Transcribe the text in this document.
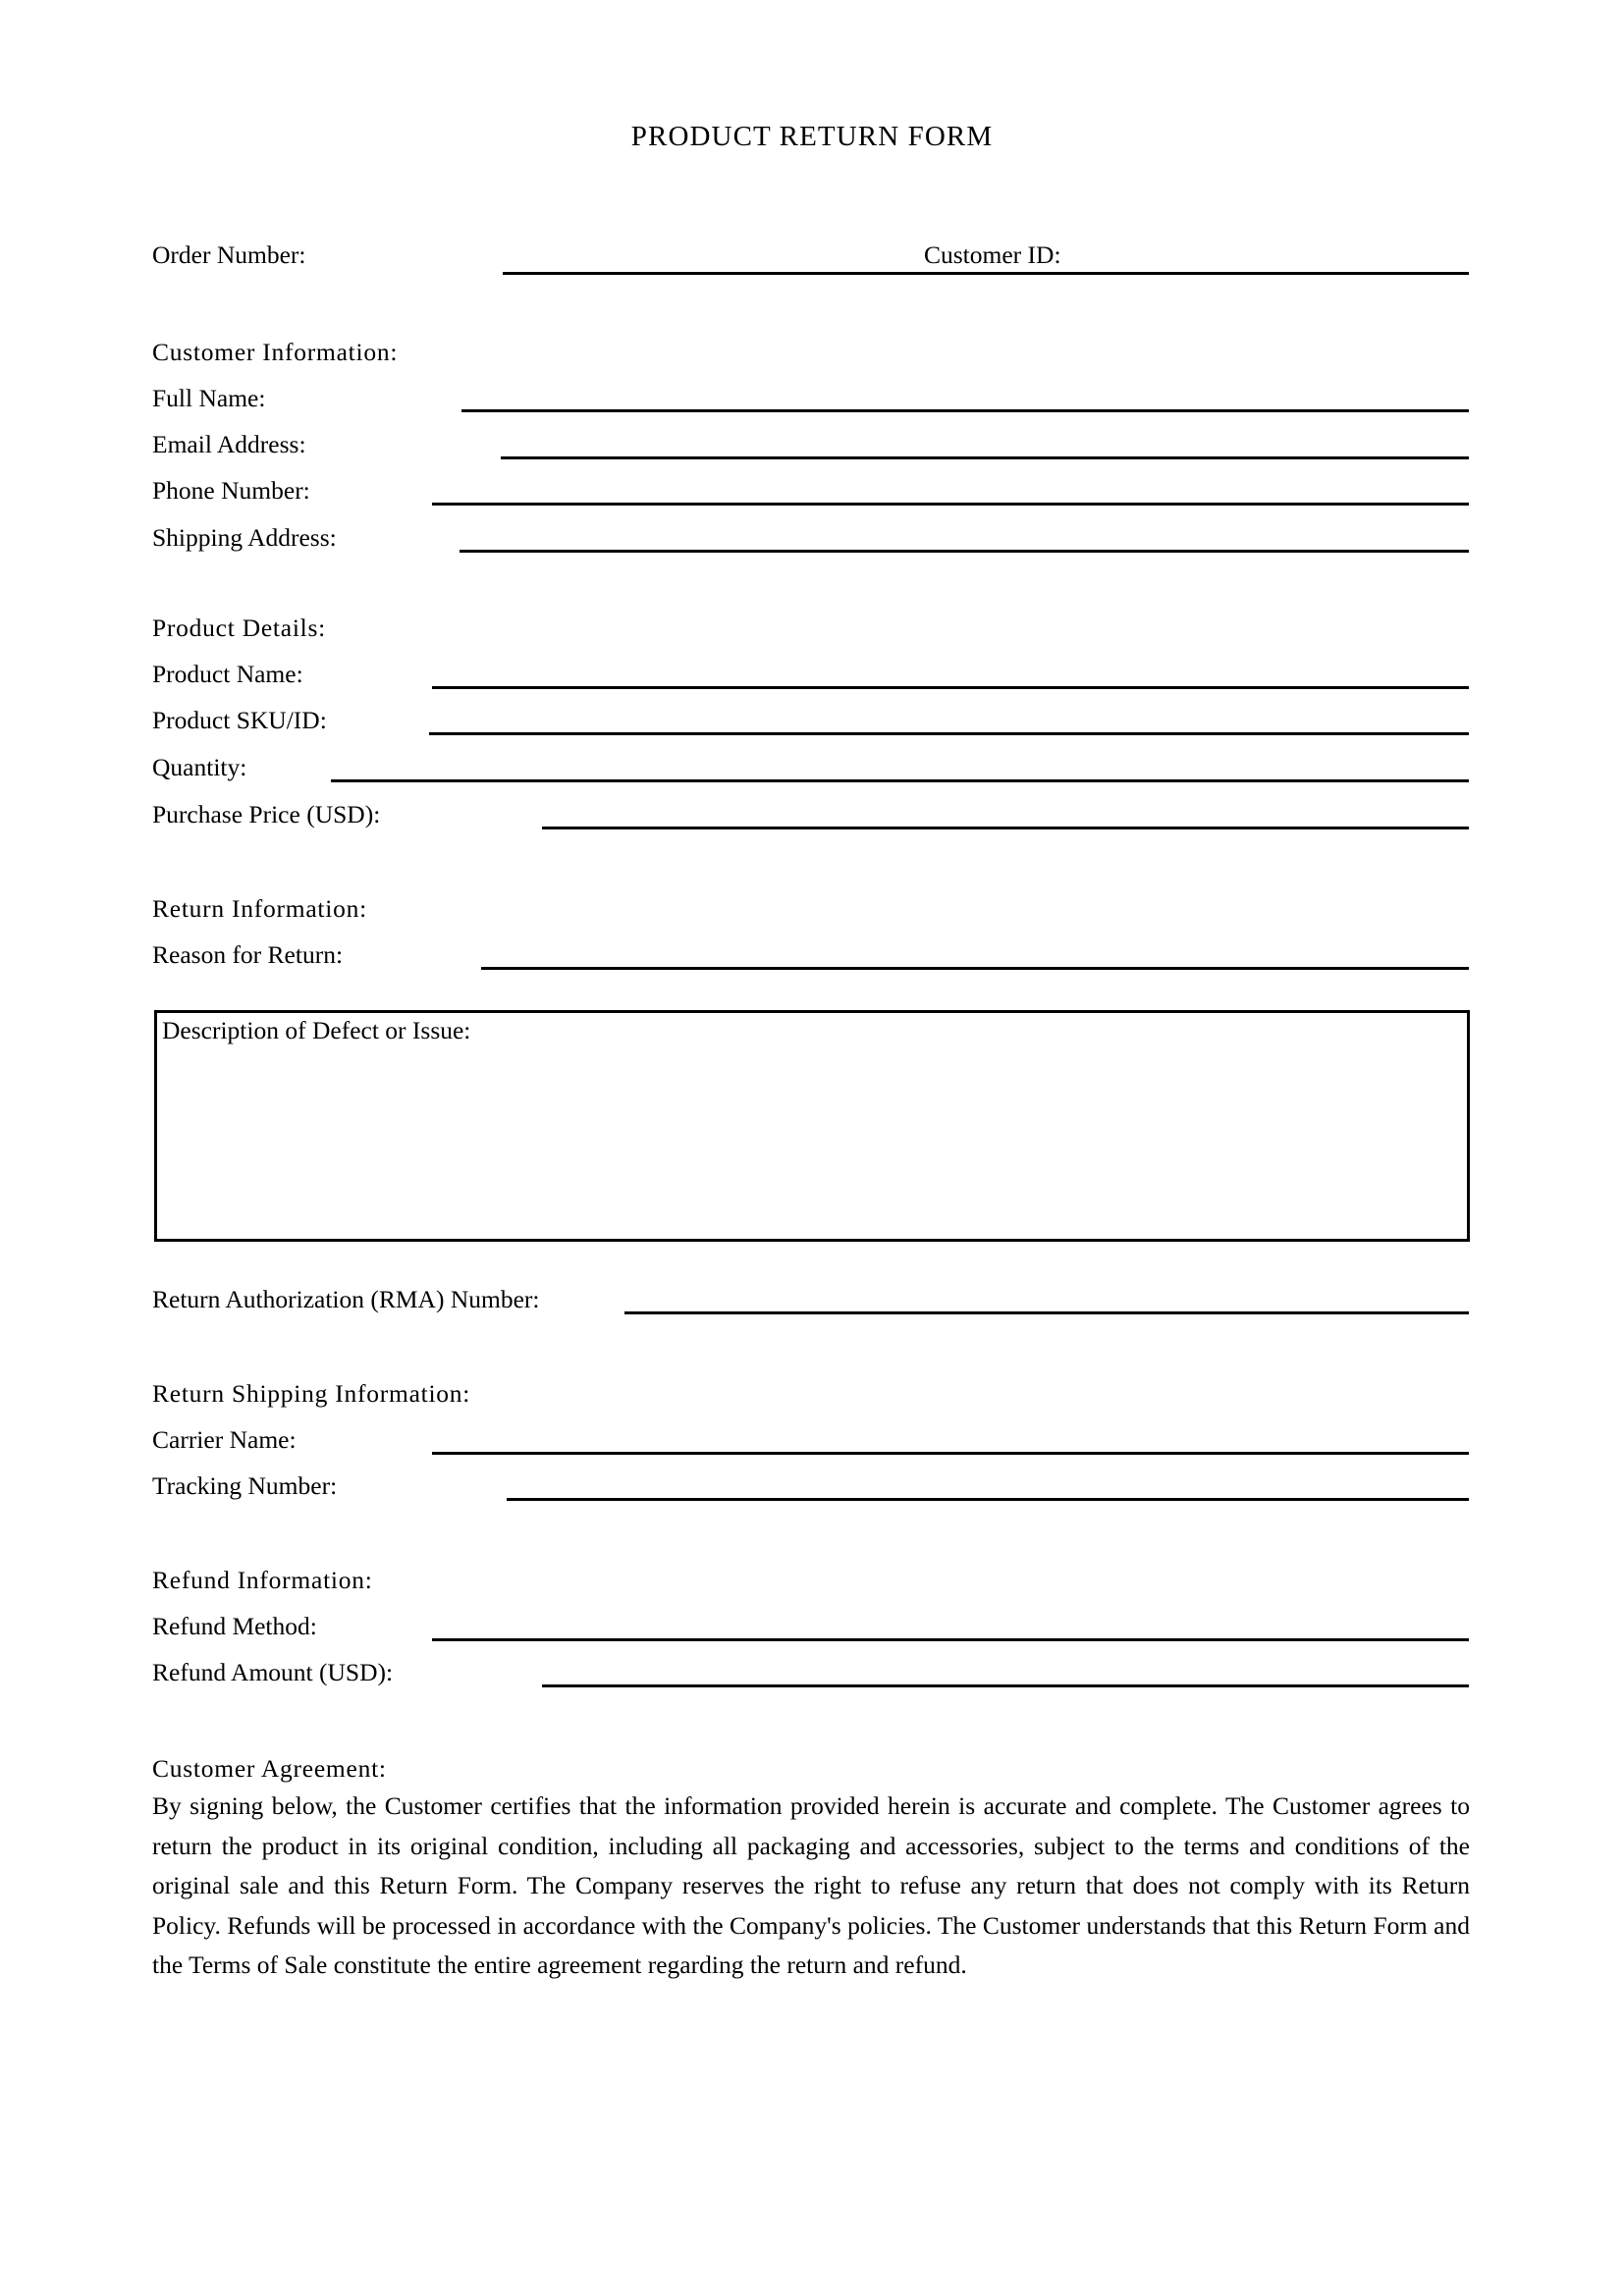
PRODUCT RETURN FORM
Order Number:	Customer ID:
Customer Information:
Full Name:
Email Address:
Phone Number:
Shipping Address:
Product Details:
Product Name:
Product SKU/ID:
Quantity:
Purchase Price (USD):
Return Information:
Reason for Return:
Description of Defect or Issue:
Return Authorization (RMA) Number:
Return Shipping Information:
Carrier Name:
Tracking Number:
Refund Information:
Refund Method:
Refund Amount (USD):
Customer Agreement:
By signing below, the Customer certifies that the information provided herein is accurate and complete. The Customer agrees to return the product in its original condition, including all packaging and accessories, subject to the terms and conditions of the original sale and this Return Form. The Company reserves the right to refuse any return that does not comply with its Return Policy. Refunds will be processed in accordance with the Company's policies. The Customer understands that this Return Form and the Terms of Sale constitute the entire agreement regarding the return and refund.
